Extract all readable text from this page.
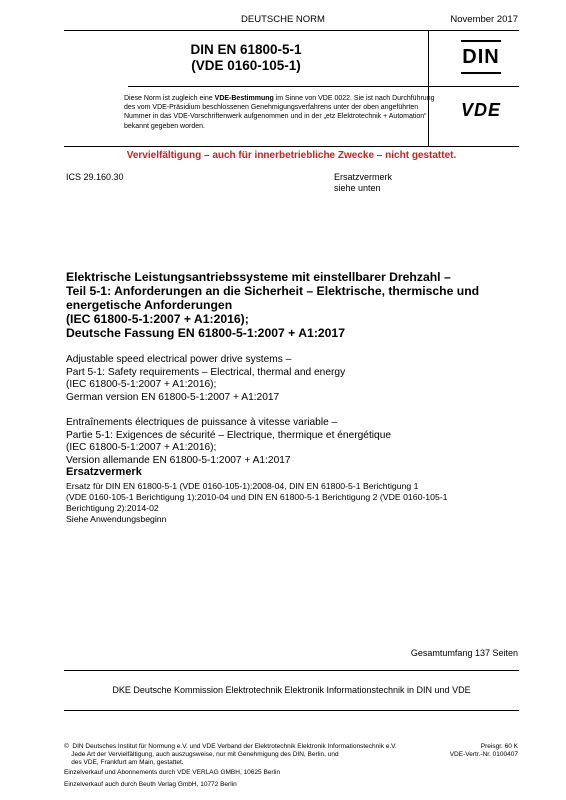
DEUTSCHE NORM	November 2017
DIN EN 61800-5-1
(VDE 0160-105-1)
Diese Norm ist zugleich eine VDE-Bestimmung im Sinne von VDE 0022. Sie ist nach Durchführung des vom VDE-Präsidium beschlossenen Genehmigungsverfahrens unter der oben angeführten Nummer in das VDE-Vorschriftenwerk aufgenommen und in der „etz Elektrotechnik + Automation“ bekannt gegeben worden.
DIN
VDE
Vervielfältigung – auch für innerbetriebliche Zwecke – nicht gestattet.
ICS 29.160.30	Ersatzvermerk
siehe unten
Elektrische Leistungsantriebssysteme mit einstellbarer Drehzahl –
Teil 5-1: Anforderungen an die Sicherheit – Elektrische, thermische und
energetische Anforderungen
(IEC 61800-5-1:2007 + A1:2016);
Deutsche Fassung EN 61800-5-1:2007 + A1:2017
Adjustable speed electrical power drive systems –
Part 5-1: Safety requirements – Electrical, thermal and energy
(IEC 61800-5-1:2007 + A1:2016);
German version EN 61800-5-1:2007 + A1:2017
Entraînements électriques de puissance à vitesse variable –
Partie 5-1: Exigences de sécurité – Electrique, thermique et énergétique
(IEC 61800-5-1:2007 + A1:2016);
Version allemande EN 61800-5-1:2007 + A1:2017
Ersatzvermerk
Ersatz für DIN EN 61800-5-1 (VDE 0160-105-1):2008-04, DIN EN 61800-5-1 Berichtigung 1
(VDE 0160-105-1 Berichtigung 1):2010-04 und DIN EN 61800-5-1 Berichtigung 2 (VDE 0160-105-1
Berichtigung 2):2014-02
Siehe Anwendungsbeginn
Gesamtumfang 137 Seiten
DKE Deutsche Kommission Elektrotechnik Elektronik Informationstechnik in DIN und VDE
©  DIN Deutsches Institut für Normung e.V. und VDE Verband der Elektrotechnik Elektronik Informationstechnik e.V.
Jede Art der Vervielfältigung, auch auszugsweise, nur mit Genehmigung des DIN, Berlin, und
des VDE, Frankfurt am Main, gestattet.
Preisgr. 60 K
VDE-Vertr.-Nr. 0100407
Einzelverkauf und Abonnements durch VDE VERLAG GMBH, 10625 Berlin
Einzelverkauf auch durch Beuth Verlag GmbH, 10772 Berlin
